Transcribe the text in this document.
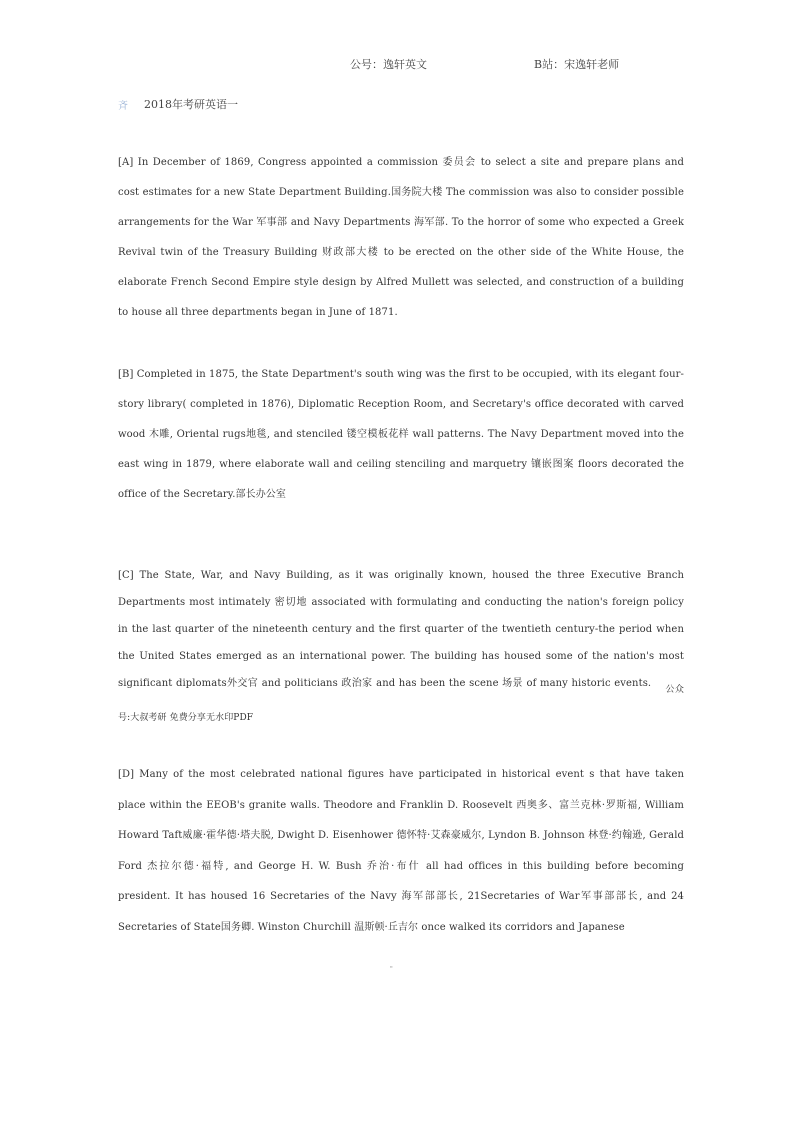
公号：逸轩英文	B站：宋逸轩老师
斉 2018年考研英语一

[A] In December of 1869, Congress appointed a commission 委员会 to select a site and prepare plans and cost estimates for a new State Department Building.国务院大楼 The commission was also to consider possible arrangements for the War 军事部 and Navy Departments 海军部. To the horror of some who expected a Greek Revival twin of the Treasury Building 财政部大楼 to be erected on the other side of the White House, the elaborate French Second Empire style design by Alfred Mullett was selected, and construction of a building to house all three departments began in June of 1871.

[B] Completed in 1875, the State Department's south wing was the first to be occupied, with its elegant four- story library( completed in 1876), Diplomatic Reception Room, and Secretary's office decorated with carved wood 木雕, Oriental rugs地毯, and stenciled 镂空模板花样 wall patterns. The Navy Department moved into the east wing in 1879, where elaborate wall and ceiling stenciling and marquetry 镶嵌图案 floors decorated the office of the Secretary.部长办公室

[C] The State, War, and Navy Building, as it was originally known, housed the three Executive Branch Departments most intimately 密切地 associated with formulating and conducting the nation's foreign policy in the last quarter of the nineteenth century and the first quarter of the twentieth century-the period when the United States emerged as an international power. The building has housed some of the nation's most significant diplomats外交官 and politicians 政治家 and has been the scene 场景 of many historic events.公众号:大叔考研 免费分享无水印PDF

[D] Many of the most celebrated national figures have participated in historical event s that have taken place within the EEOB's granite walls. Theodore and Franklin D. Roosevelt 西奥多、富兰克林·罗斯福, William Howard Taft威廉·霍华德·塔夫脱, Dwight D. Eisenhower 德怀特·艾森豪威尔, Lyndon B. Johnson 林登·约翰逊, Gerald Ford 杰拉尔德·福特, and George H. W. Bush 乔治·布什 all had offices in this building before becoming president. It has housed 16 Secretaries of the Navy 海军部部长, 21Secretaries of War军事部部长, and 24 Secretaries of State国务卿. Winston Churchill 温斯顿·丘吉尔 once walked its corridors and Japanese

"
